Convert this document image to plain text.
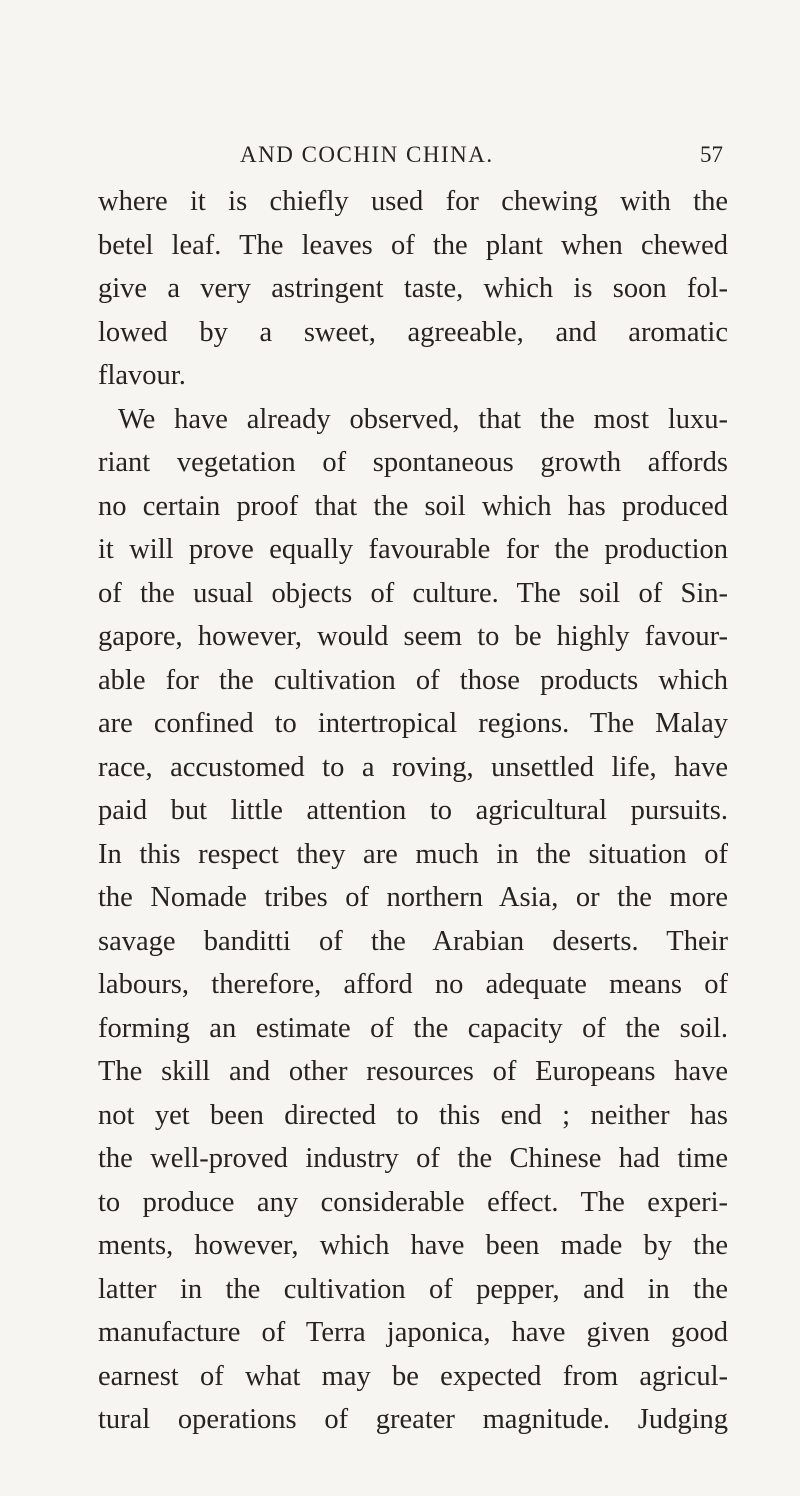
AND COCHIN CHINA.	57
where it is chiefly used for chewing with the
betel leaf. The leaves of the plant when chewed
give a very astringent taste, which is soon fol-
lowed by a sweet, agreeable, and aromatic
flavour.
We have already observed, that the most luxu-
riant vegetation of spontaneous growth affords
no certain proof that the soil which has produced
it will prove equally favourable for the production
of the usual objects of culture. The soil of Sin-
gapore, however, would seem to be highly favour-
able for the cultivation of those products which
are confined to intertropical regions. The Malay
race, accustomed to a roving, unsettled life, have
paid but little attention to agricultural pursuits.
In this respect they are much in the situation of
the Nomade tribes of northern Asia, or the more
savage banditti of the Arabian deserts. Their
labours, therefore, afford no adequate means of
forming an estimate of the capacity of the soil.
The skill and other resources of Europeans have
not yet been directed to this end ; neither has
the well-proved industry of the Chinese had time
to produce any considerable effect. The experi-
ments, however, which have been made by the
latter in the cultivation of pepper, and in the
manufacture of Terra japonica, have given good
earnest of what may be expected from agricul-
tural operations of greater magnitude. Judging
